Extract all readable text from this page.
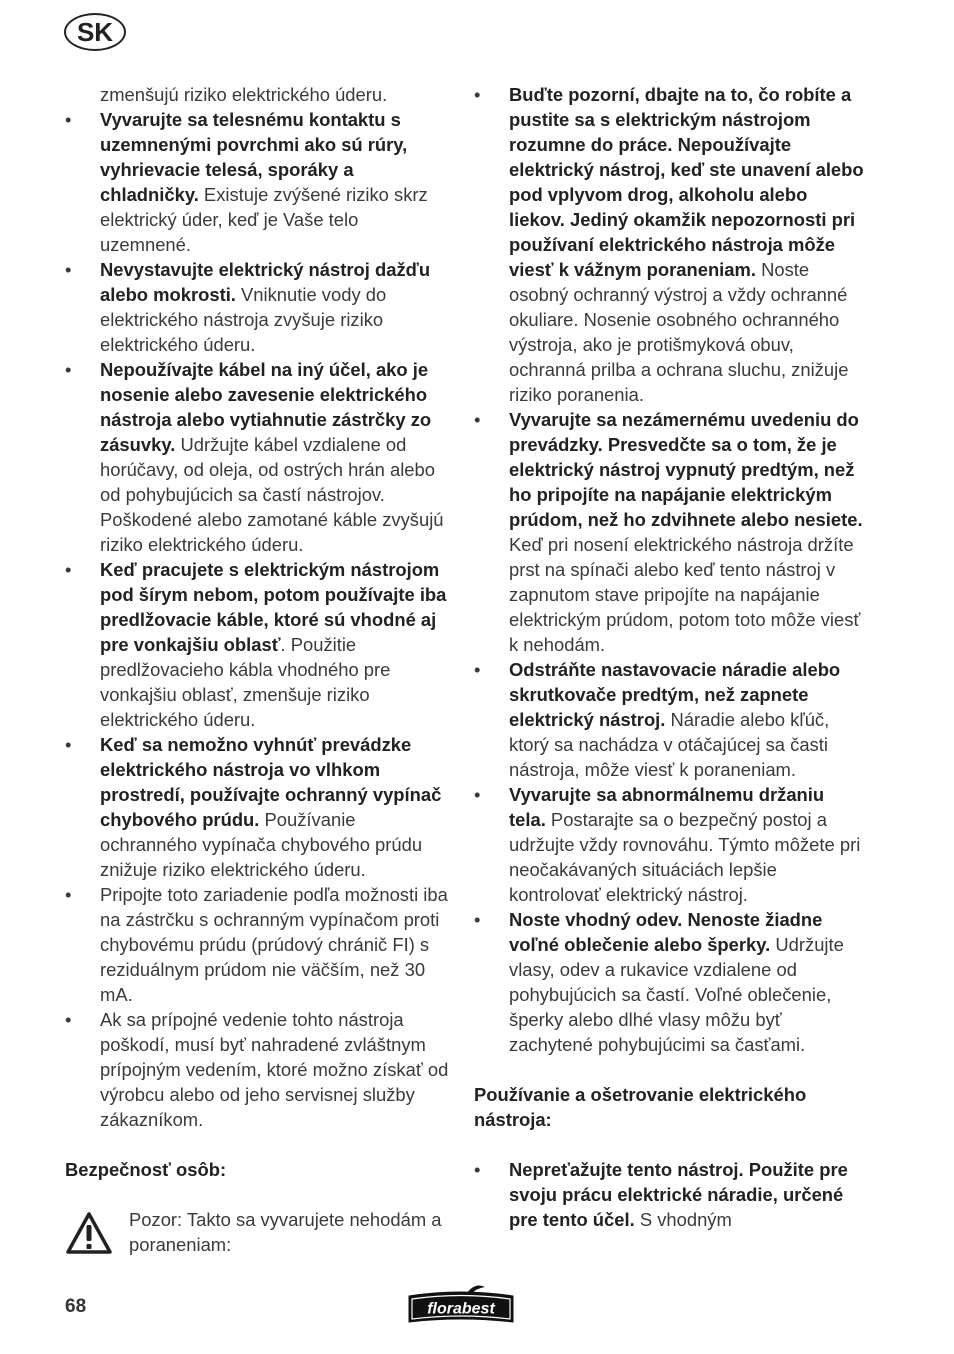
SK
zmenšujú riziko elektrického úderu.
• Vyvarujte sa telesnému kontaktu s uzemnenými povrchmi ako sú rúry, vyhrievacie telesá, sporáky a chladničky. Existuje zvýšené riziko skrz elektrický úder, keď je Vaše telo uzemnené.
• Nevystavujte elektrický nástroj dažďu alebo mokrosti. Vniknutie vody do elektrického nástroja zvyšuje riziko elektrického úderu.
• Nepoužívajte kábel na iný účel, ako je nosenie alebo zavesenie elektrického nástroja alebo vytiahnutie zástrčky zo zásuvky. Udržujte kábel vzdialene od horúčavy, od oleja, od ostrých hrán alebo od pohybujúcich sa častí nástrojov.
Poškodené alebo zamotané káble zvyšujú riziko elektrického úderu.
• Keď pracujete s elektrickým nástrojom pod šírym nebom, potom používajte iba predlžovacie káble, ktoré sú vhodné aj pre vonkajšiu oblasť. Použitie predlžovacieho kábla vhodného pre vonkajšiu oblasť, zmenšuje riziko elektrického úderu.
• Keď sa nemožno vyhnúť prevádzke elektrického nástroja vo vlhkom prostredí, používajte ochranný vypínač chybového prúdu. Používanie ochranného vypínača chybového prúdu znižuje riziko elektrického úderu.
• Pripojte toto zariadenie podľa možnosti iba na zástrčku s ochranným vypínačom proti chybovému prúdu (prúdový chránič FI) s reziduálnym prúdom nie väčším, než 30 mA.
• Ak sa prípojné vedenie tohto nástroja poškodí, musí byť nahradené zvláštnym prípojným vedením, ktoré možno získať od výrobcu alebo od jeho servisnej služby zákazníkom.
Bezpečnosť osôb:
Pozor: Takto sa vyvarujete nehodám a poraneniam:
• Buďte pozorní, dbajte na to, čo robíte a pustite sa s elektrickým nástrojom rozumne do práce. Nepoužívajte elektrický nástroj, keď ste unavení alebo pod vplyvom drog, alkoholu alebo liekov. Jediný okamžik nepozornosti pri používaní elektrického nástroja môže viesť k vážnym poraneniam. Noste osobný ochranný výstroj a vždy ochranné okuliare. Nosenie osobného ochranného výstroja, ako je protišmyková obuv, ochranná prilba a ochrana sluchu, znižuje riziko poranenia.
• Vyvarujte sa nezámernému uvedeniu do prevádzky. Presvedčte sa o tom, že je elektrický nástroj vypnutý predtým, než ho pripojíte na napájanie elektrickým prúdom, než ho zdvihnete alebo nesiete. Keď pri nosení elektrického nástroja držíte prst na spínači alebo keď tento nástroj v zapnutom stave pripojíte na napájanie elektrickým prúdom, potom toto môže viesť k nehodám.
• Odstráňte nastavovacie náradie alebo skrutkovače predtým, než zapnete elektrický nástroj. Náradie alebo kľúč, ktorý sa nachádza v otáčajúcej sa časti nástroja, môže viesť k poraneniam.
• Vyvarujte sa abnormálnemu držaniu tela. Postarajte sa o bezpečný postoj a udržujte vždy rovnováhu. Týmto môžete pri neočakávaných situáciách lepšie kontrolovať elektrický nástroj.
• Noste vhodný odev. Nenoste žiadne voľné oblečenie alebo šperky. Udržujte vlasy, odev a rukavice vzdialene od pohybujúcich sa častí. Voľné oblečenie, šperky alebo dlhé vlasy môžu byť zachytené pohybujúcimi sa časťami.
Používanie a ošetrovanie elektrického nástroja:
• Nepreťažujte tento nástroj. Použite pre svoju prácu elektrické náradie, určené pre tento účel. S vhodným
68	florabest
